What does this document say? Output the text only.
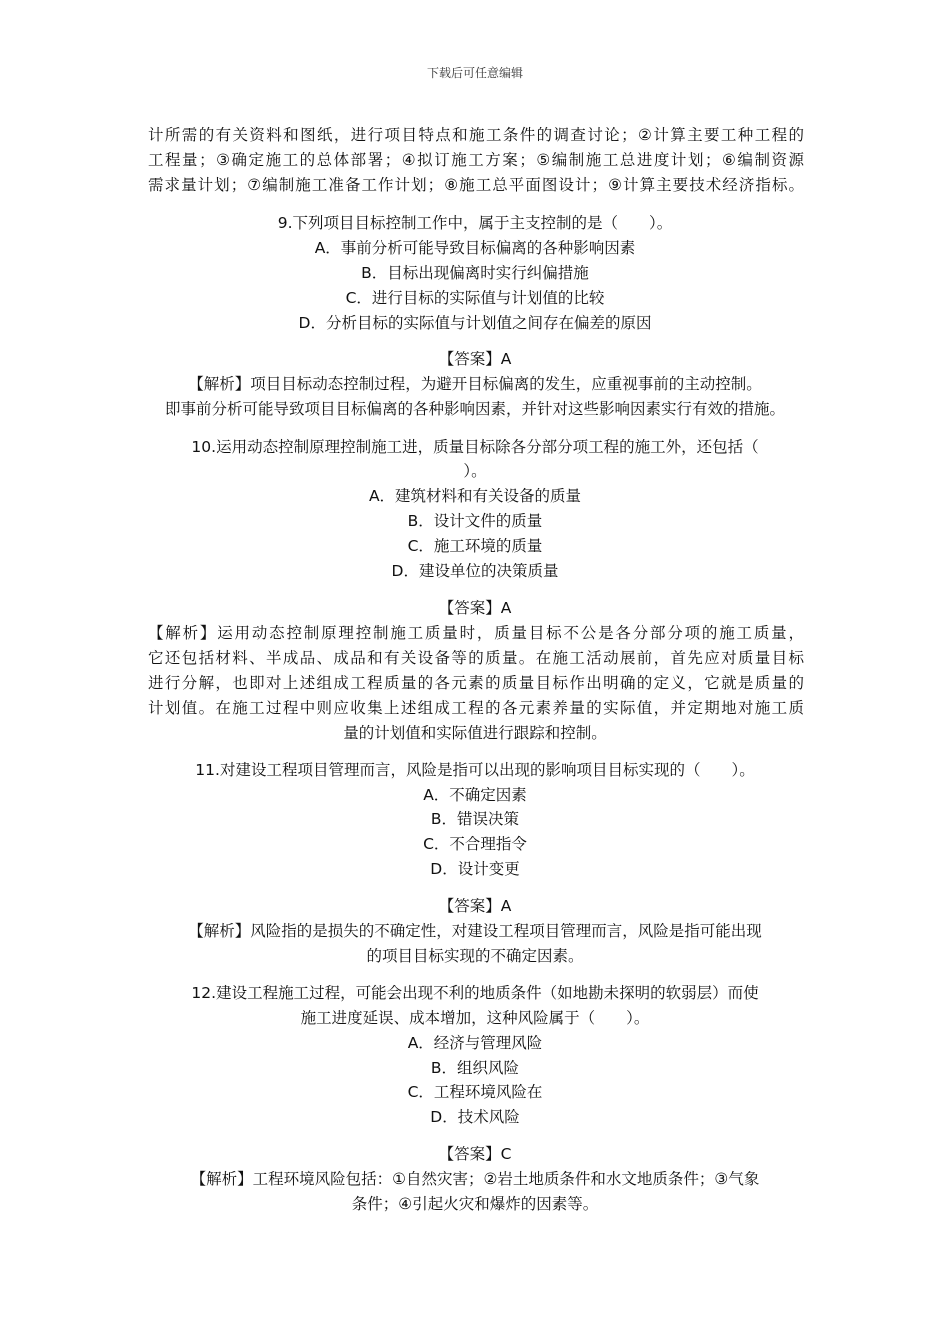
下载后可任意编辑
计所需的有关资料和图纸，进行项目特点和施工条件的调查讨论；②计算主要工种工程的
工程量；③确定施工的总体部署；④拟订施工方案；⑤编制施工总进度计划；⑥编制资源
需求量计划；⑦编制施工准备工作计划；⑧施工总平面图设计；⑨计算主要技术经济指标。
9.下列项目目标控制工作中，属于主支控制的是（　　）。
A．事前分析可能导致目标偏离的各种影响因素
B．目标出现偏离时实行纠偏措施
C．进行目标的实际值与计划值的比较
D．分析目标的实际值与计划值之间存在偏差的原因
【答案】A
【解析】项目目标动态控制过程，为避开目标偏离的发生，应重视事前的主动控制。
即事前分析可能导致项目目标偏离的各种影响因素，并针对这些影响因素实行有效的措施。
10.运用动态控制原理控制施工进，质量目标除各分部分项工程的施工外，还包括（
）。
A．建筑材料和有关设备的质量
B．设计文件的质量
C．施工环境的质量
D．建设单位的决策质量
【答案】A
【解析】运用动态控制原理控制施工质量时，质量目标不公是各分部分项的施工质量，
它还包括材料、半成品、成品和有关设备等的质量。在施工活动展前，首先应对质量目标
进行分解，也即对上述组成工程质量的各元素的质量目标作出明确的定义，它就是质量的
计划值。在施工过程中则应收集上述组成工程的各元素养量的实际值，并定期地对施工质
量的计划值和实际值进行跟踪和控制。
11.对建设工程项目管理而言，风险是指可以出现的影响项目目标实现的（　　）。
A．不确定因素
B．错误决策
C．不合理指令
D．设计变更
【答案】A
【解析】风险指的是损失的不确定性，对建设工程项目管理而言，风险是指可能出现
的项目目标实现的不确定因素。
12.建设工程施工过程，可能会出现不利的地质条件（如地勘未探明的软弱层）而使
施工进度延误、成本增加，这种风险属于（　　）。
A．经济与管理风险
B．组织风险
C．工程环境风险在
D．技术风险
【答案】C
【解析】工程环境风险包括：①自然灾害；②岩土地质条件和水文地质条件；③气象
条件；④引起火灾和爆炸的因素等。
